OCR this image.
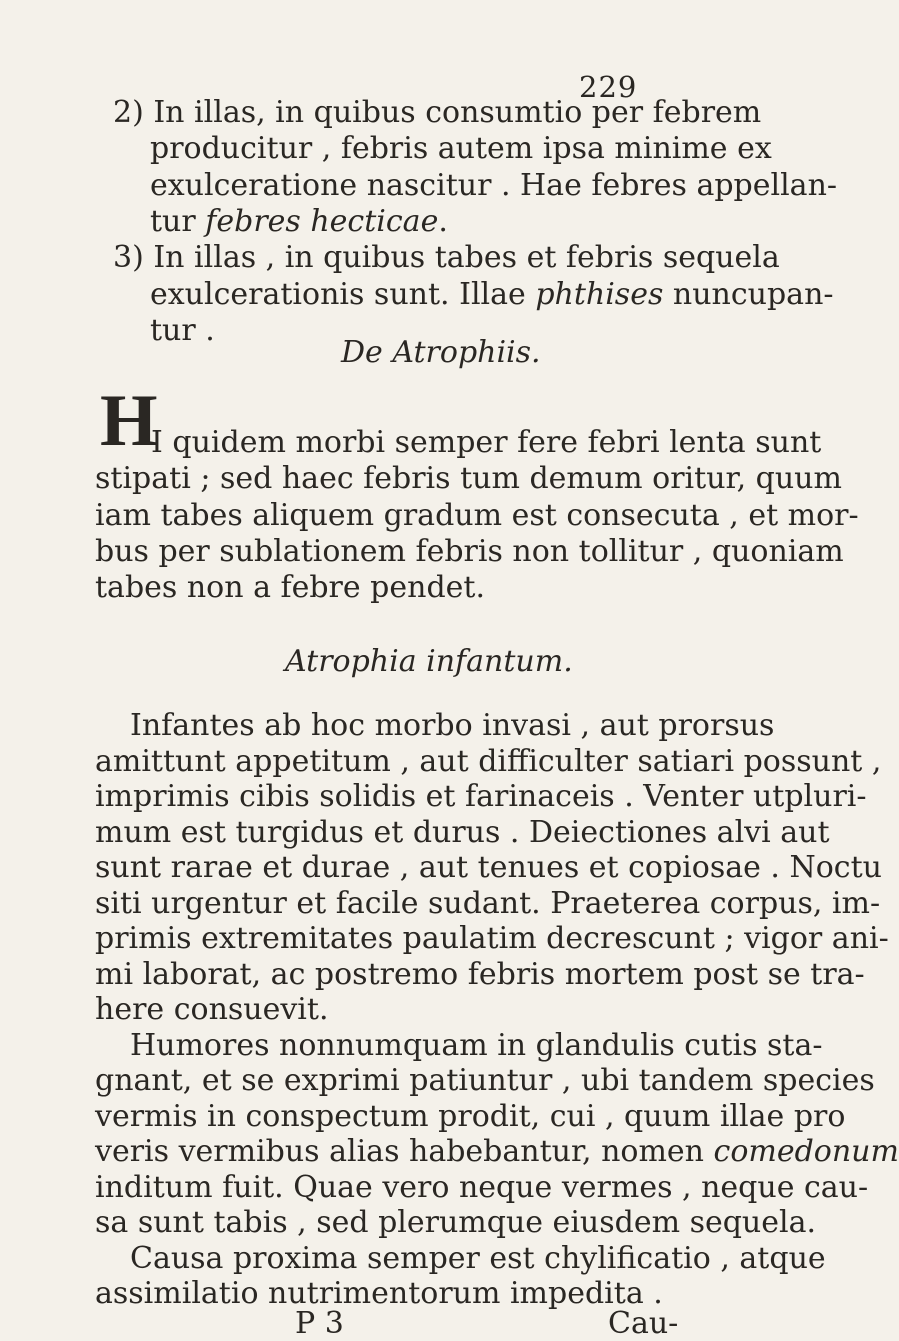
229
2) In illas, in quibus consumtio per febrem
producitur , febris autem ipsa minime ex
exulceratione nascitur . Hae febres appellan-
tur febres hecticae.
3) In illas , in quibus tabes et febris sequela
exulcerationis sunt. Illae phthises nuncupan-
tur .
De Atrophiis.
H
I quidem morbi semper fere febri lenta sunt
stipati ; sed haec febris tum demum oritur, quum
iam tabes aliquem gradum est consecuta , et mor-
bus per sublationem febris non tollitur , quoniam
tabes non a febre pendet.
Atrophia infantum.
Infantes ab hoc morbo invasi , aut prorsus
amittunt appetitum , aut difficulter satiari possunt ,
imprimis cibis solidis et farinaceis . Venter utpluri-
mum est turgidus et durus . Deiectiones alvi aut
sunt rarae et durae , aut tenues et copiosae . Noctu
siti urgentur et facile sudant. Praeterea corpus, im-
primis extremitates paulatim decrescunt ; vigor ani-
mi laborat, ac postremo febris mortem post se tra-
here consuevit.
Humores nonnumquam in glandulis cutis sta-
gnant, et se exprimi patiuntur , ubi tandem species
vermis in conspectum prodit, cui , quum illae pro
veris vermibus alias habebantur, nomen comedonum
inditum fuit. Quae vero neque vermes , neque cau-
sa sunt tabis , sed plerumque eiusdem sequela.
Causa proxima semper est chylificatio , atque
assimilatio nutrimentorum impedita .
P 3	Cau-
